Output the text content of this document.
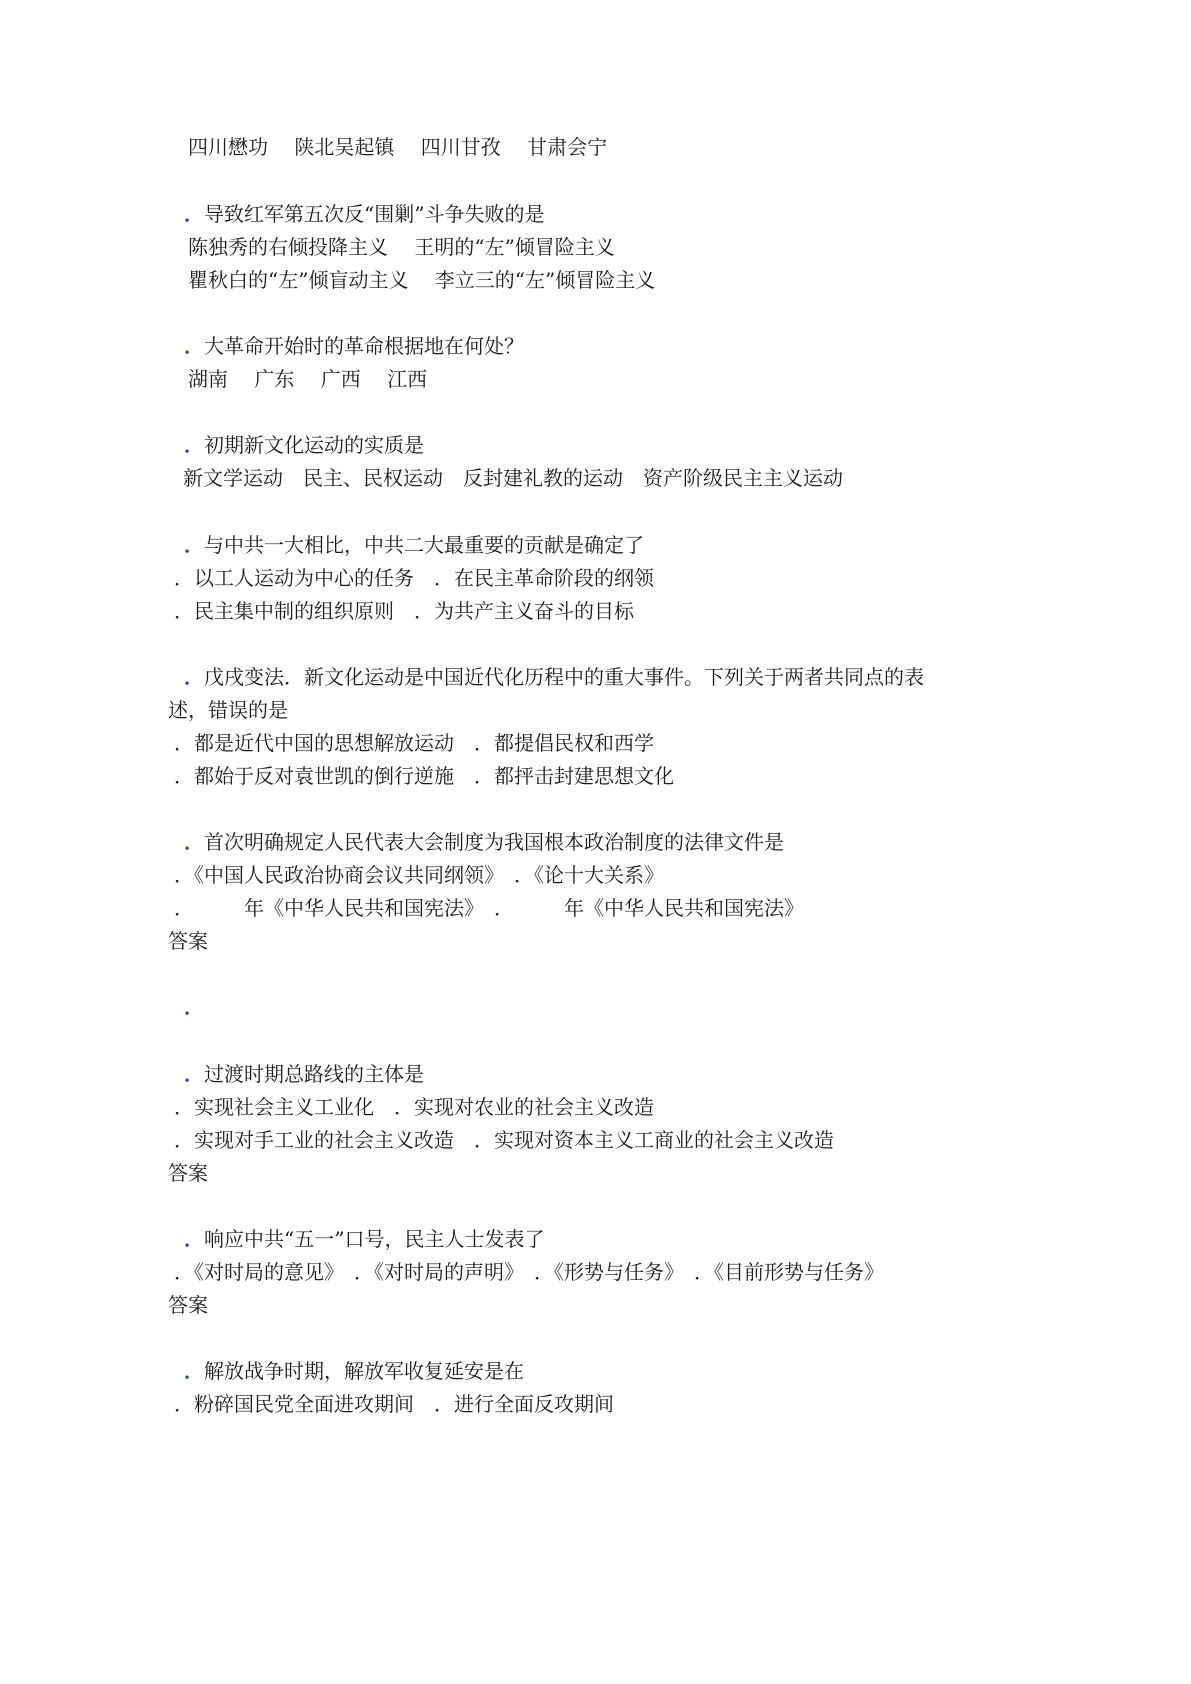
四川懋功　 陕北吴起镇　 四川甘孜　 甘肃会宁

．导致红军第五次反“围剿”斗争失败的是

陈独秀的右倾投降主义　 王明的“左”倾冒险主义

瞿秋白的“左”倾盲动主义　 李立三的“左”倾冒险主义

．大革命开始时的革命根据地在何处？

湖南　 广东　 广西　 江西

．初期新文化运动的实质是

新文学运动　民主、民权运动　反封建礼教的运动　资产阶级民主主义运动

．与中共一大相比，中共二大最重要的贡献是确定了

．以工人运动为中心的任务　．在民主革命阶段的纲领

．民主集中制的组织原则　．为共产主义奋斗的目标

．戊戌变法．新文化运动是中国近代化历程中的重大事件。下列关于两者共同点的表

述，错误的是

．都是近代中国的思想解放运动　．都提倡民权和西学

．都始于反对袁世凯的倒行逆施　．都抨击封建思想文化

．首次明确规定人民代表大会制度为我国根本政治制度的法律文件是

．《中国人民政治协商会议共同纲领》　．《论十大关系》

．　　　年《中华人民共和国宪法》　．　　　年《中华人民共和国宪法》

答案

．

．过渡时期总路线的主体是

．实现社会主义工业化　．实现对农业的社会主义改造

．实现对手工业的社会主义改造　．实现对资本主义工商业的社会主义改造

答案

．响应中共“五一”口号，民主人士发表了

．《对时局的意见》　．《对时局的声明》　．《形势与任务》　．《目前形势与任务》

答案

．解放战争时期，解放军收复延安是在

．粉碎国民党全面进攻期间　．进行全面反攻期间
